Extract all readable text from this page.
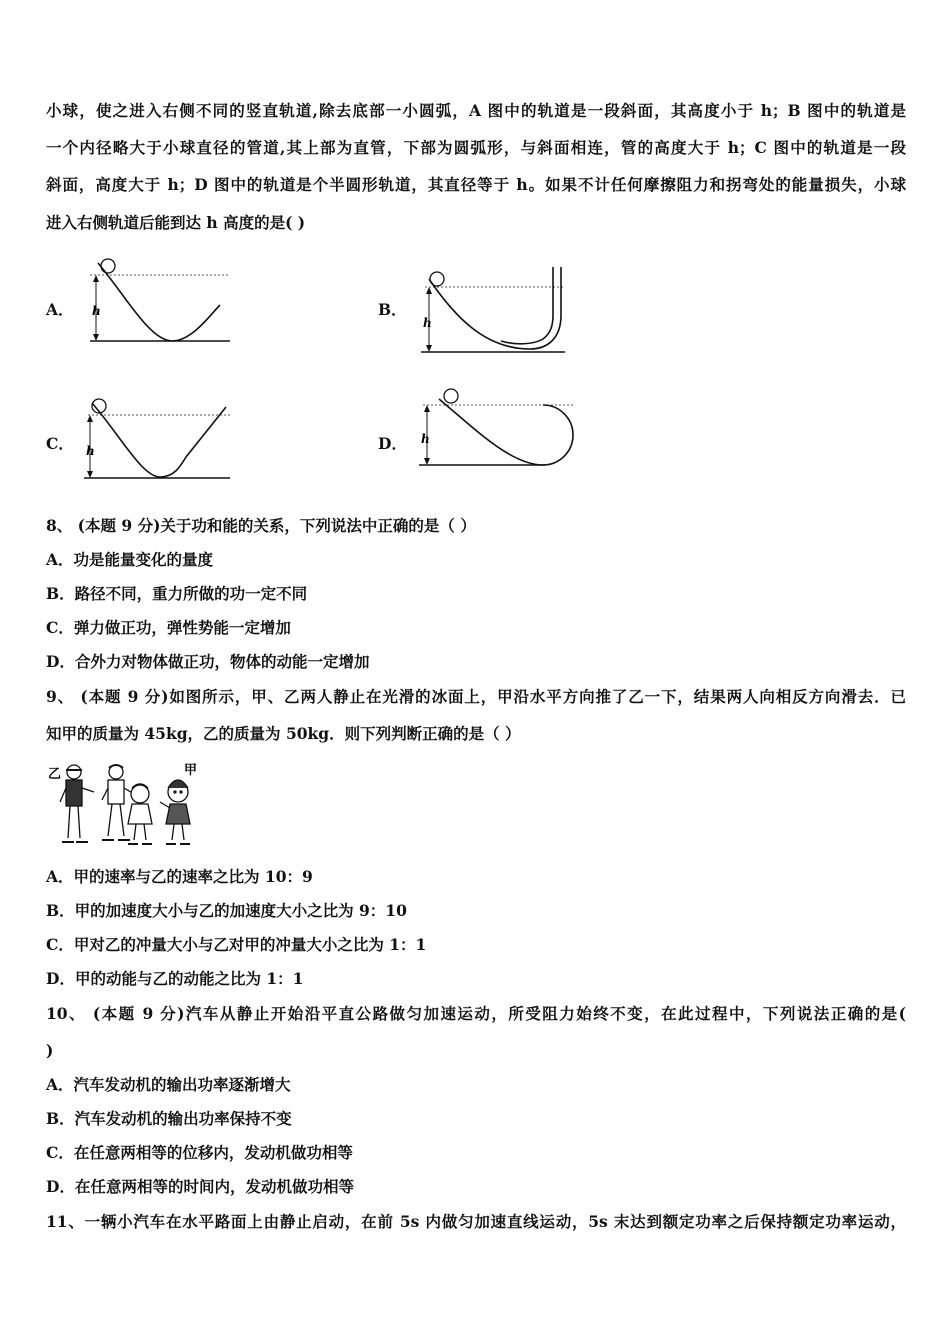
小球，使之进入右侧不同的竖直轨道,除去底部一小圆弧，A 图中的轨道是一段斜面，其高度小于 h；B 图中的轨道是
一个内径略大于小球直径的管道,其上部为直管，下部为圆弧形，与斜面相连，管的高度大于 h；C 图中的轨道是一段
斜面，高度大于 h；D 图中的轨道是个半圆形轨道，其直径等于 h。如果不计任何摩擦阻力和拐弯处的能量损失，小球
进入右侧轨道后能到达 h 高度的是( )
A． h	B．
h
C． h	D． h
8、 (本题 9 分)关于功和能的关系，下列说法中正确的是（ ）
A．功是能量变化的量度
B．路径不同，重力所做的功一定不同
C．弹力做正功，弹性势能一定增加
D．合外力对物体做正功，物体的动能一定增加
9、 (本题 9 分)如图所示，甲、乙两人静止在光滑的冰面上，甲沿水平方向推了乙一下，结果两人向相反方向滑去．已
知甲的质量为 45kg，乙的质量为 50kg．则下列判断正确的是（ ）
乙	甲
A．甲的速率与乙的速率之比为 10：9
B．甲的加速度大小与乙的加速度大小之比为 9：10
C．甲对乙的冲量大小与乙对甲的冲量大小之比为 1：1
D．甲的动能与乙的动能之比为 1：1
10、 (本题 9 分)汽车从静止开始沿平直公路做匀加速运动，所受阻力始终不变，在此过程中，下列说法正确的是(
)
A．汽车发动机的输出功率逐渐增大
B．汽车发动机的输出功率保持不变
C．在任意两相等的位移内，发动机做功相等
D．在任意两相等的时间内，发动机做功相等
11、一辆小汽车在水平路面上由静止启动，在前 5s 内做匀加速直线运动，5s 末达到额定功率之后保持额定功率运动，
